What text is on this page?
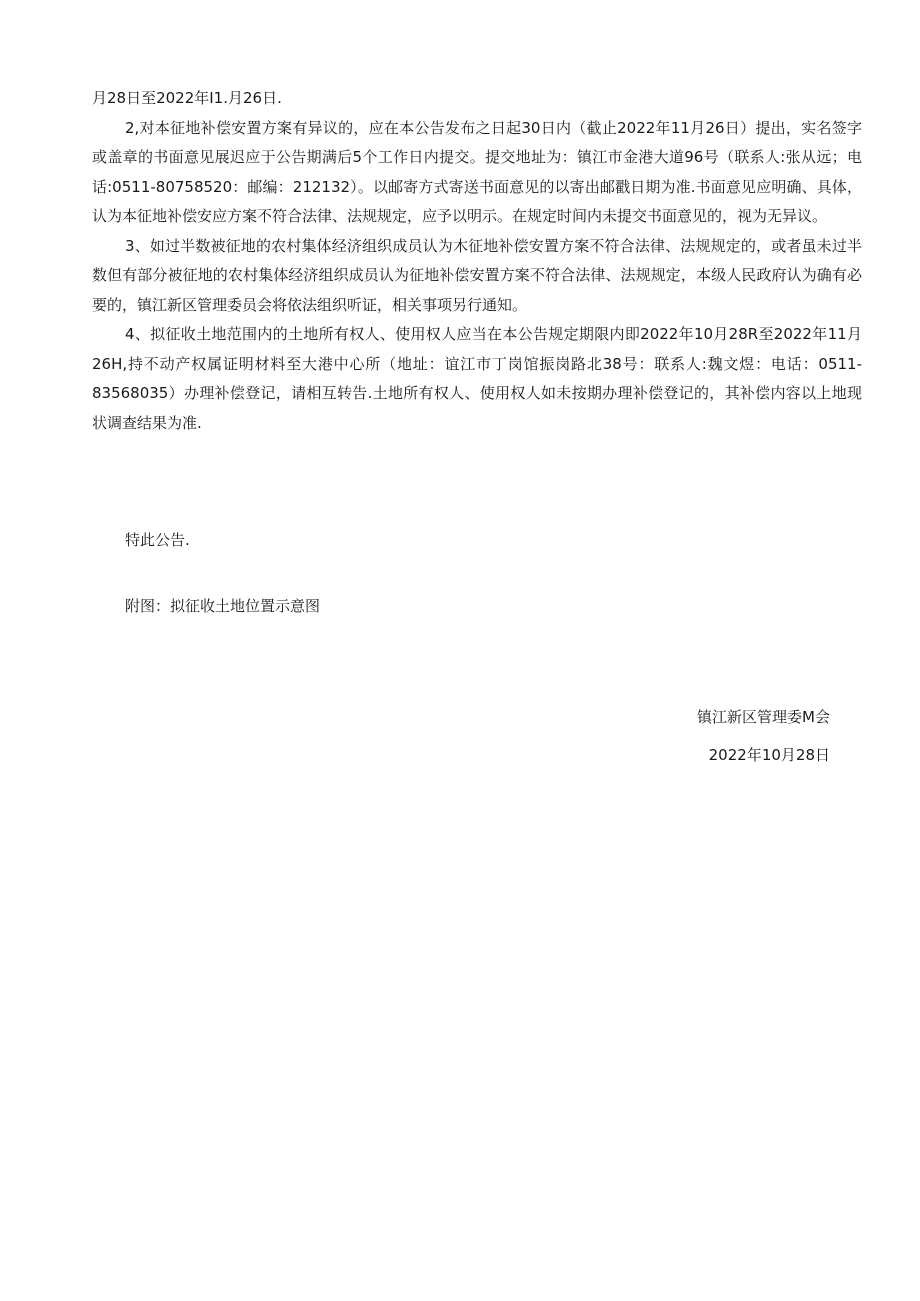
月28日至2022年I1.月26日.

2,对本征地补偿安置方案有异议的，应在本公告发布之日起30日内（截止2022年11月26日）提出，实名签字或盖章的书面意见展迟应于公告期满后5个工作日内提交。提交地址为：镇江市金港大道96号（联系人:张从远；电话:0511-80758520：邮编：212132）。以邮寄方式寄送书面意见的以寄出邮戳日期为准.书面意见应明确、具体，认为本征地补偿安应方案不符合法律、法规规定，应予以明示。在规定时间内未提交书面意见的，视为无异议。

3、如过半数被征地的农村集体经济组织成员认为木征地补偿安置方案不符合法律、法规规定的，或者虽未过半数但有部分被征地的农村集体经济组织成员认为征地补偿安置方案不符合法律、法规规定，本级人民政府认为确有必要的，镇江新区管理委员会将依法组织听证，相关事项另行通知。

4、拟征收土地范围内的土地所有权人、使用权人应当在本公告规定期限内即2022年10月28R至2022年11月26H,持不动产权属证明材料至大港中心所（地址：谊江市丁岗馆振岗路北38号：联系人:魏文煜：电话：0511-83568035）办理补偿登记，请相互转告.土地所有权人、使用权人如未按期办理补偿登记的，其补偿内容以上地现状调查结果为准.

特此公告.

附图：拟征收土地位置示意图

镇江新区管理委M会

2022年10月28日
